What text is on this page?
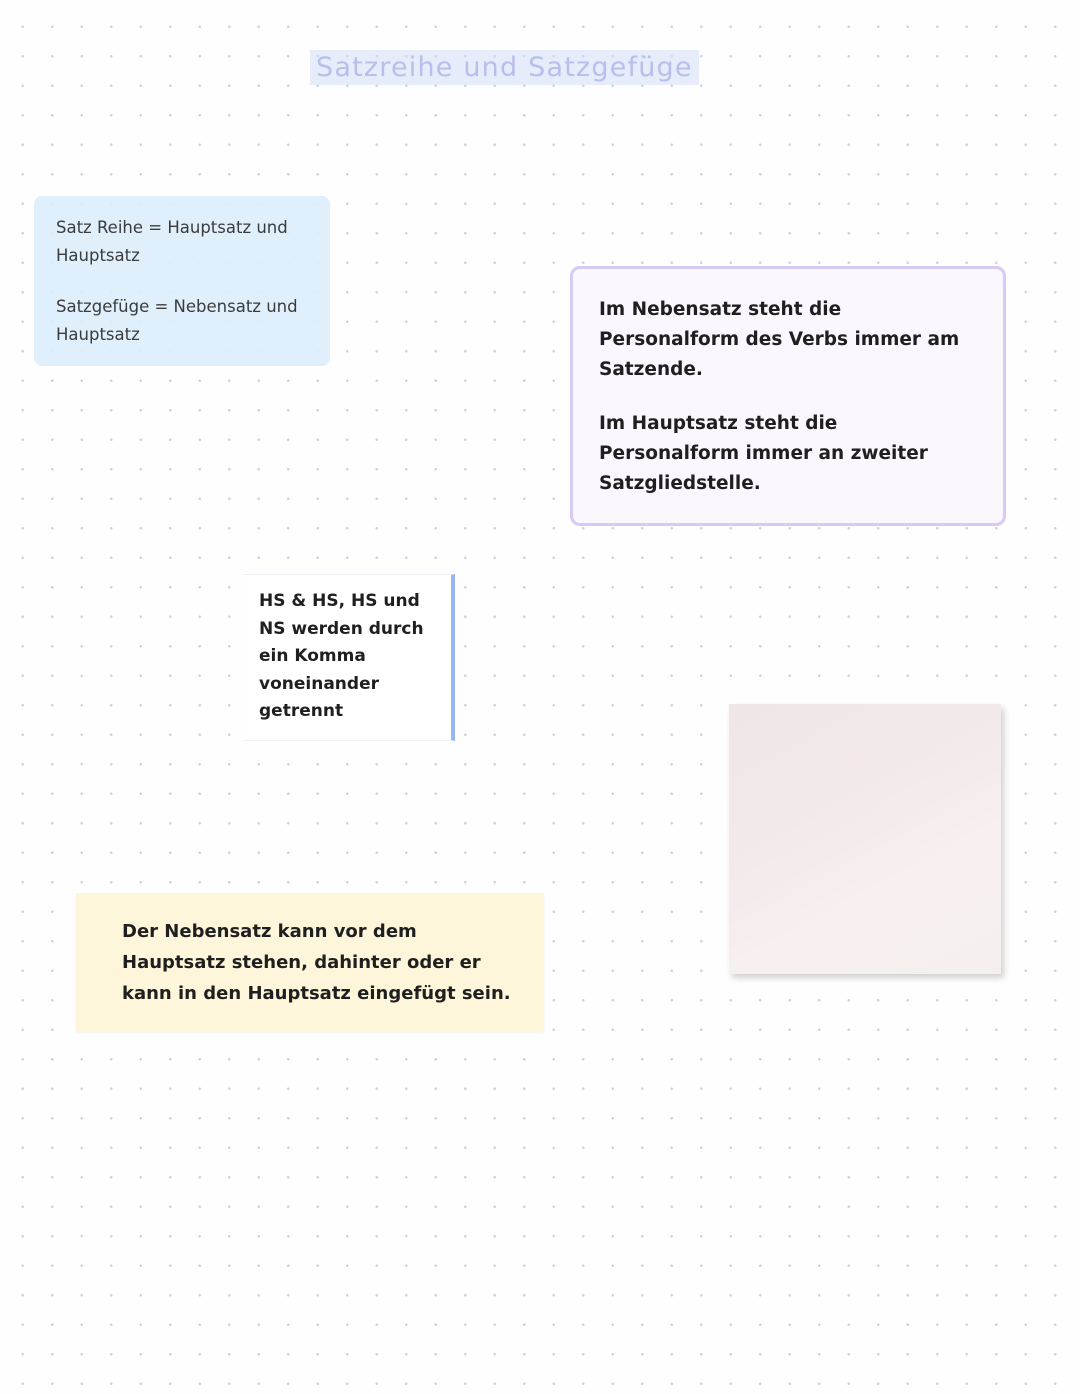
Satzreihe und Satzgefüge

Satz Reihe = Hauptsatz und Hauptsatz

Satzgefüge = Nebensatz und Hauptsatz

Im Nebensatz steht die Personalform des Verbs immer am Satzende.

Im Hauptsatz steht die Personalform immer an zweiter Satzgliedstelle.

HS & HS, HS und NS werden durch ein Komma voneinander getrennt

Der Nebensatz kann vor dem Hauptsatz stehen, dahinter oder er kann in den Hauptsatz eingefügt sein.
